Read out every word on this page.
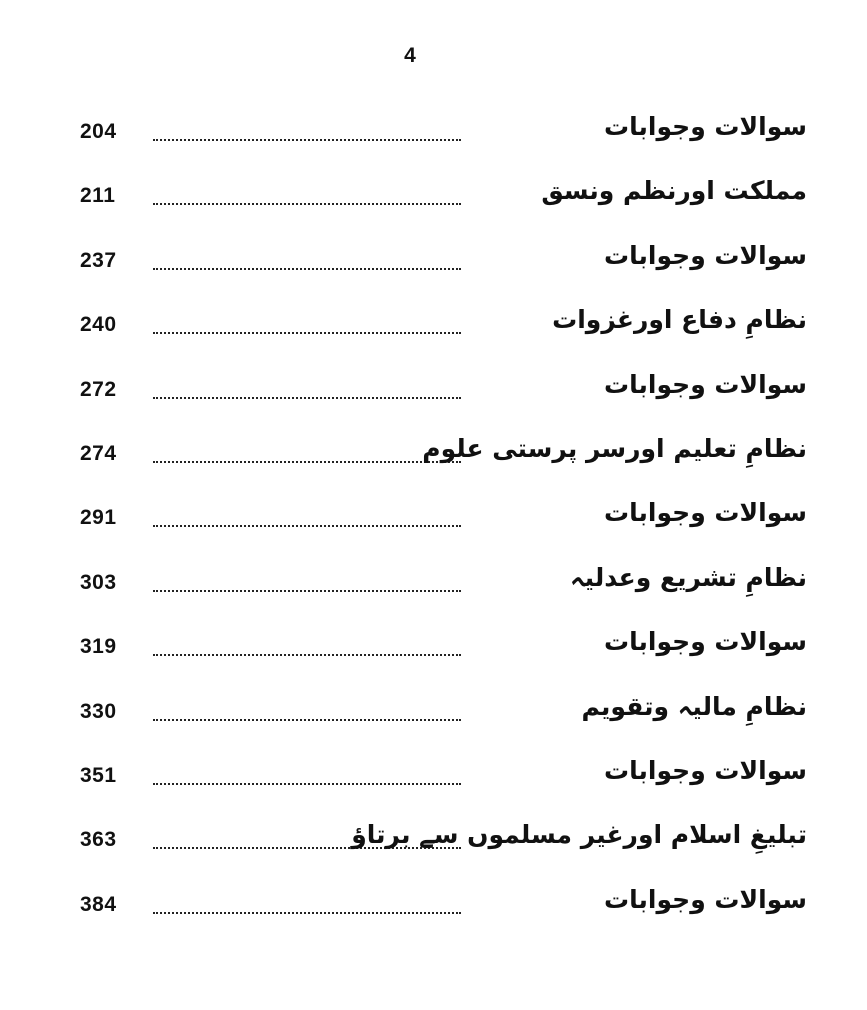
4
204	سوالات وجوابات
211	مملکت اورنظم ونسق
237	سوالات وجوابات
240	نظامِ دفاع اورغزوات
272	سوالات وجوابات
274	نظامِ تعلیم اورسر پرستی علوم
291	سوالات وجوابات
303	نظامِ تشریع وعدلیہ
319	سوالات وجوابات
330	نظامِ مالیہ وتقویم
351	سوالات وجوابات
363	تبلیغِ اسلام اورغیر مسلموں سے برتاؤ
384	سوالات وجوابات
